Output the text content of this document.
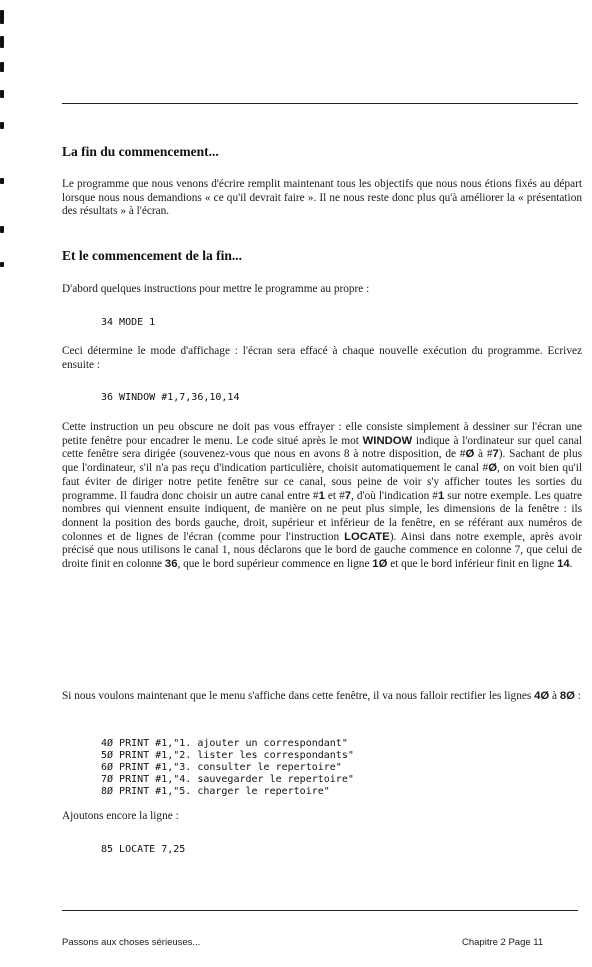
La fin du commencement...

Le programme que nous venons d'écrire remplit maintenant tous les objectifs que nous nous étions fixés au départ lorsque nous nous demandions « ce qu'il devrait faire ». Il ne nous reste donc plus qu'à améliorer la « présentation des résultats » à l'écran.

Et le commencement de la fin...

D'abord quelques instructions pour mettre le programme au propre :

34 MODE 1

Ceci détermine le mode d'affichage : l'écran sera effacé à chaque nouvelle exécution du programme. Ecrivez ensuite :

36 WINDOW #1,7,36,10,14

Cette instruction un peu obscure ne doit pas vous effrayer : elle consiste simplement à dessiner sur l'écran une petite fenêtre pour encadrer le menu. Le code situé après le mot WINDOW indique à l'ordinateur sur quel canal cette fenêtre sera dirigée (souvenez-vous que nous en avons 8 à notre disposition, de #Ø à #7). Sachant de plus que l'ordinateur, s'il n'a pas reçu d'indication particulière, choisit automatiquement le canal #Ø, on voit bien qu'il faut éviter de diriger notre petite fenêtre sur ce canal, sous peine de voir s'y afficher toutes les sorties du programme. Il faudra donc choisir un autre canal entre #1 et #7, d'où l'indication #1 sur notre exemple. Les quatre nombres qui viennent ensuite indiquent, de manière on ne peut plus simple, les dimensions de la fenêtre : ils donnent la position des bords gauche, droit, supérieur et inférieur de la fenêtre, en se référant aux numéros de colonnes et de lignes de l'écran (comme pour l'instruction LOCATE). Ainsi dans notre exemple, après avoir précisé que nous utilisons le canal 1, nous déclarons que le bord de gauche commence en colonne 7, que celui de droite finit en colonne 36, que le bord supérieur commence en ligne 1Ø et que le bord inférieur finit en ligne 14.

Si nous voulons maintenant que le menu s'affiche dans cette fenêtre, il va nous falloir rectifier les lignes 4Ø à 8Ø :

4Ø PRINT #1,"1. ajouter un correspondant"
5Ø PRINT #1,"2. lister les correspondants"
6Ø PRINT #1,"3. consulter le repertoire"
7Ø PRINT #1,"4. sauvegarder le repertoire"
8Ø PRINT #1,"5. charger le repertoire"

Ajoutons encore la ligne :

85 LOCATE 7,25
Passons aux choses sérieuses...	Chapitre 2 Page 11
